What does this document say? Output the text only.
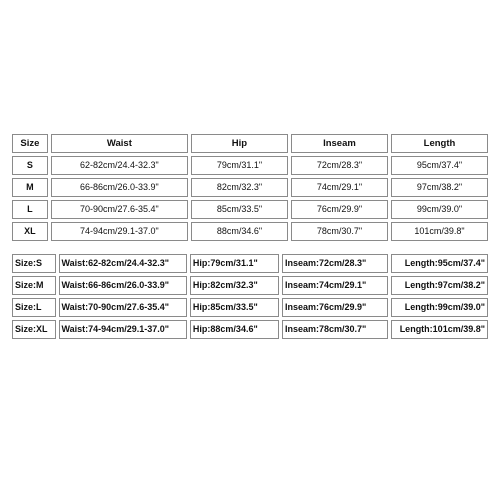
Size	Waist	Hip	Inseam	Length
S	62-82cm/24.4-32.3"	79cm/31.1"	72cm/28.3"	95cm/37.4"
M	66-86cm/26.0-33.9"	82cm/32.3"	74cm/29.1"	97cm/38.2"
L	70-90cm/27.6-35.4"	85cm/33.5"	76cm/29.9"	99cm/39.0"
XL	74-94cm/29.1-37.0"	88cm/34.6"	78cm/30.7"	101cm/39.8"
Size:S	Waist:62-82cm/24.4-32.3"	Hip:79cm/31.1"	Inseam:72cm/28.3"	Length:95cm/37.4"
Size:M	Waist:66-86cm/26.0-33.9"	Hip:82cm/32.3"	Inseam:74cm/29.1"	Length:97cm/38.2"
Size:L	Waist:70-90cm/27.6-35.4"	Hip:85cm/33.5"	Inseam:76cm/29.9"	Length:99cm/39.0"
Size:XL	Waist:74-94cm/29.1-37.0"	Hip:88cm/34.6"	Inseam:78cm/30.7"	Length:101cm/39.8"
